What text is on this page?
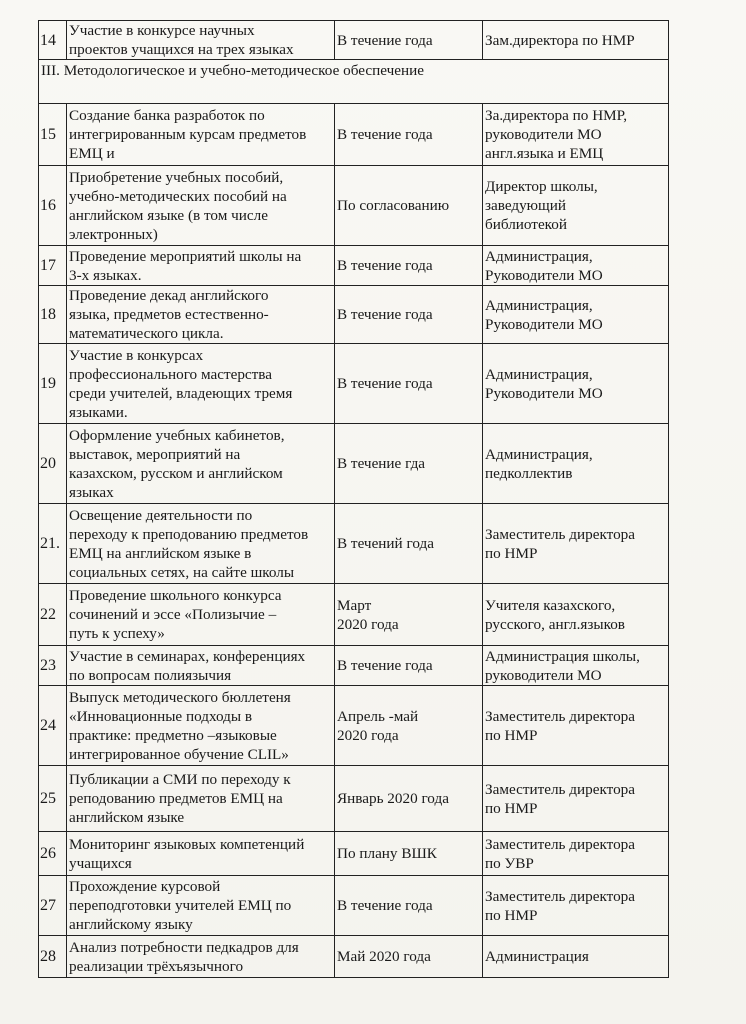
14	Участие в конкурсе научных
проектов учащихся на трех языках	В течение года	Зам.директора по НМР

III. Методологическое и учебно-методическое обеспечение			
15	Создание банка разработок по
интегрированным курсам предметов
ЕМЦ и	В течение года	За.директора по НМР,
руководители МО
англ.языка и ЕМЦ

16	Приобретение учебных пособий,
учебно-методических пособий на
английском языке (в том числе
электронных)	По согласованию	Директор школы,
заведующий
библиотекой

17	Проведение мероприятий школы на
3-х языках.	В течение года	Администрация,
Руководители МО

18	Проведение декад английского
языка, предметов естественно-
математического цикла.	В течение года	Администрация,
Руководители МО

19	Участие в конкурсах
профессионального мастерства
среди учителей, владеющих тремя
языками.	В течение года	Администрация,
Руководители МО

20	Оформление учебных кабинетов,
выставок, мероприятий на
казахском, русском и английском
языках	В течение гда	Администрация,
педколлектив

21.	Освещение деятельности по
переходу к преподованию предметов
ЕМЦ на английском языке в
социальных сетях, на сайте школы	В течений года	Заместитель директора
по НМР

22	Проведение школьного конкурса
сочинений и эссе «Полизычие –
путь к успеху»	Март
2020 года	Учителя казахского,
русского, англ.языков

23	Участие в семинарах, конференциях
по вопросам полиязычия	В течение года	Администрация школы,
руководители МО

24	Выпуск методического бюллетеня
«Инновационные подходы в
практике: предметно –языковые
интегрированное обучение CLIL»	Апрель -май
2020 года	Заместитель директора
по НМР

25	Публикации а СМИ по переходу к
реподованию предметов ЕМЦ на
английском языке	Январь 2020 года	Заместитель директора
по НМР

26	Мониторинг языковых компетенций
учащихся	По плану ВШК	Заместитель директора
по УВР

27	Прохождение курсовой
переподготовки учителей ЕМЦ по
английскому языку	В течение года	Заместитель директора
по НМР

28	Анализ потребности педкадров для
реализации трёхъязычного	Май 2020 года	Администрация
